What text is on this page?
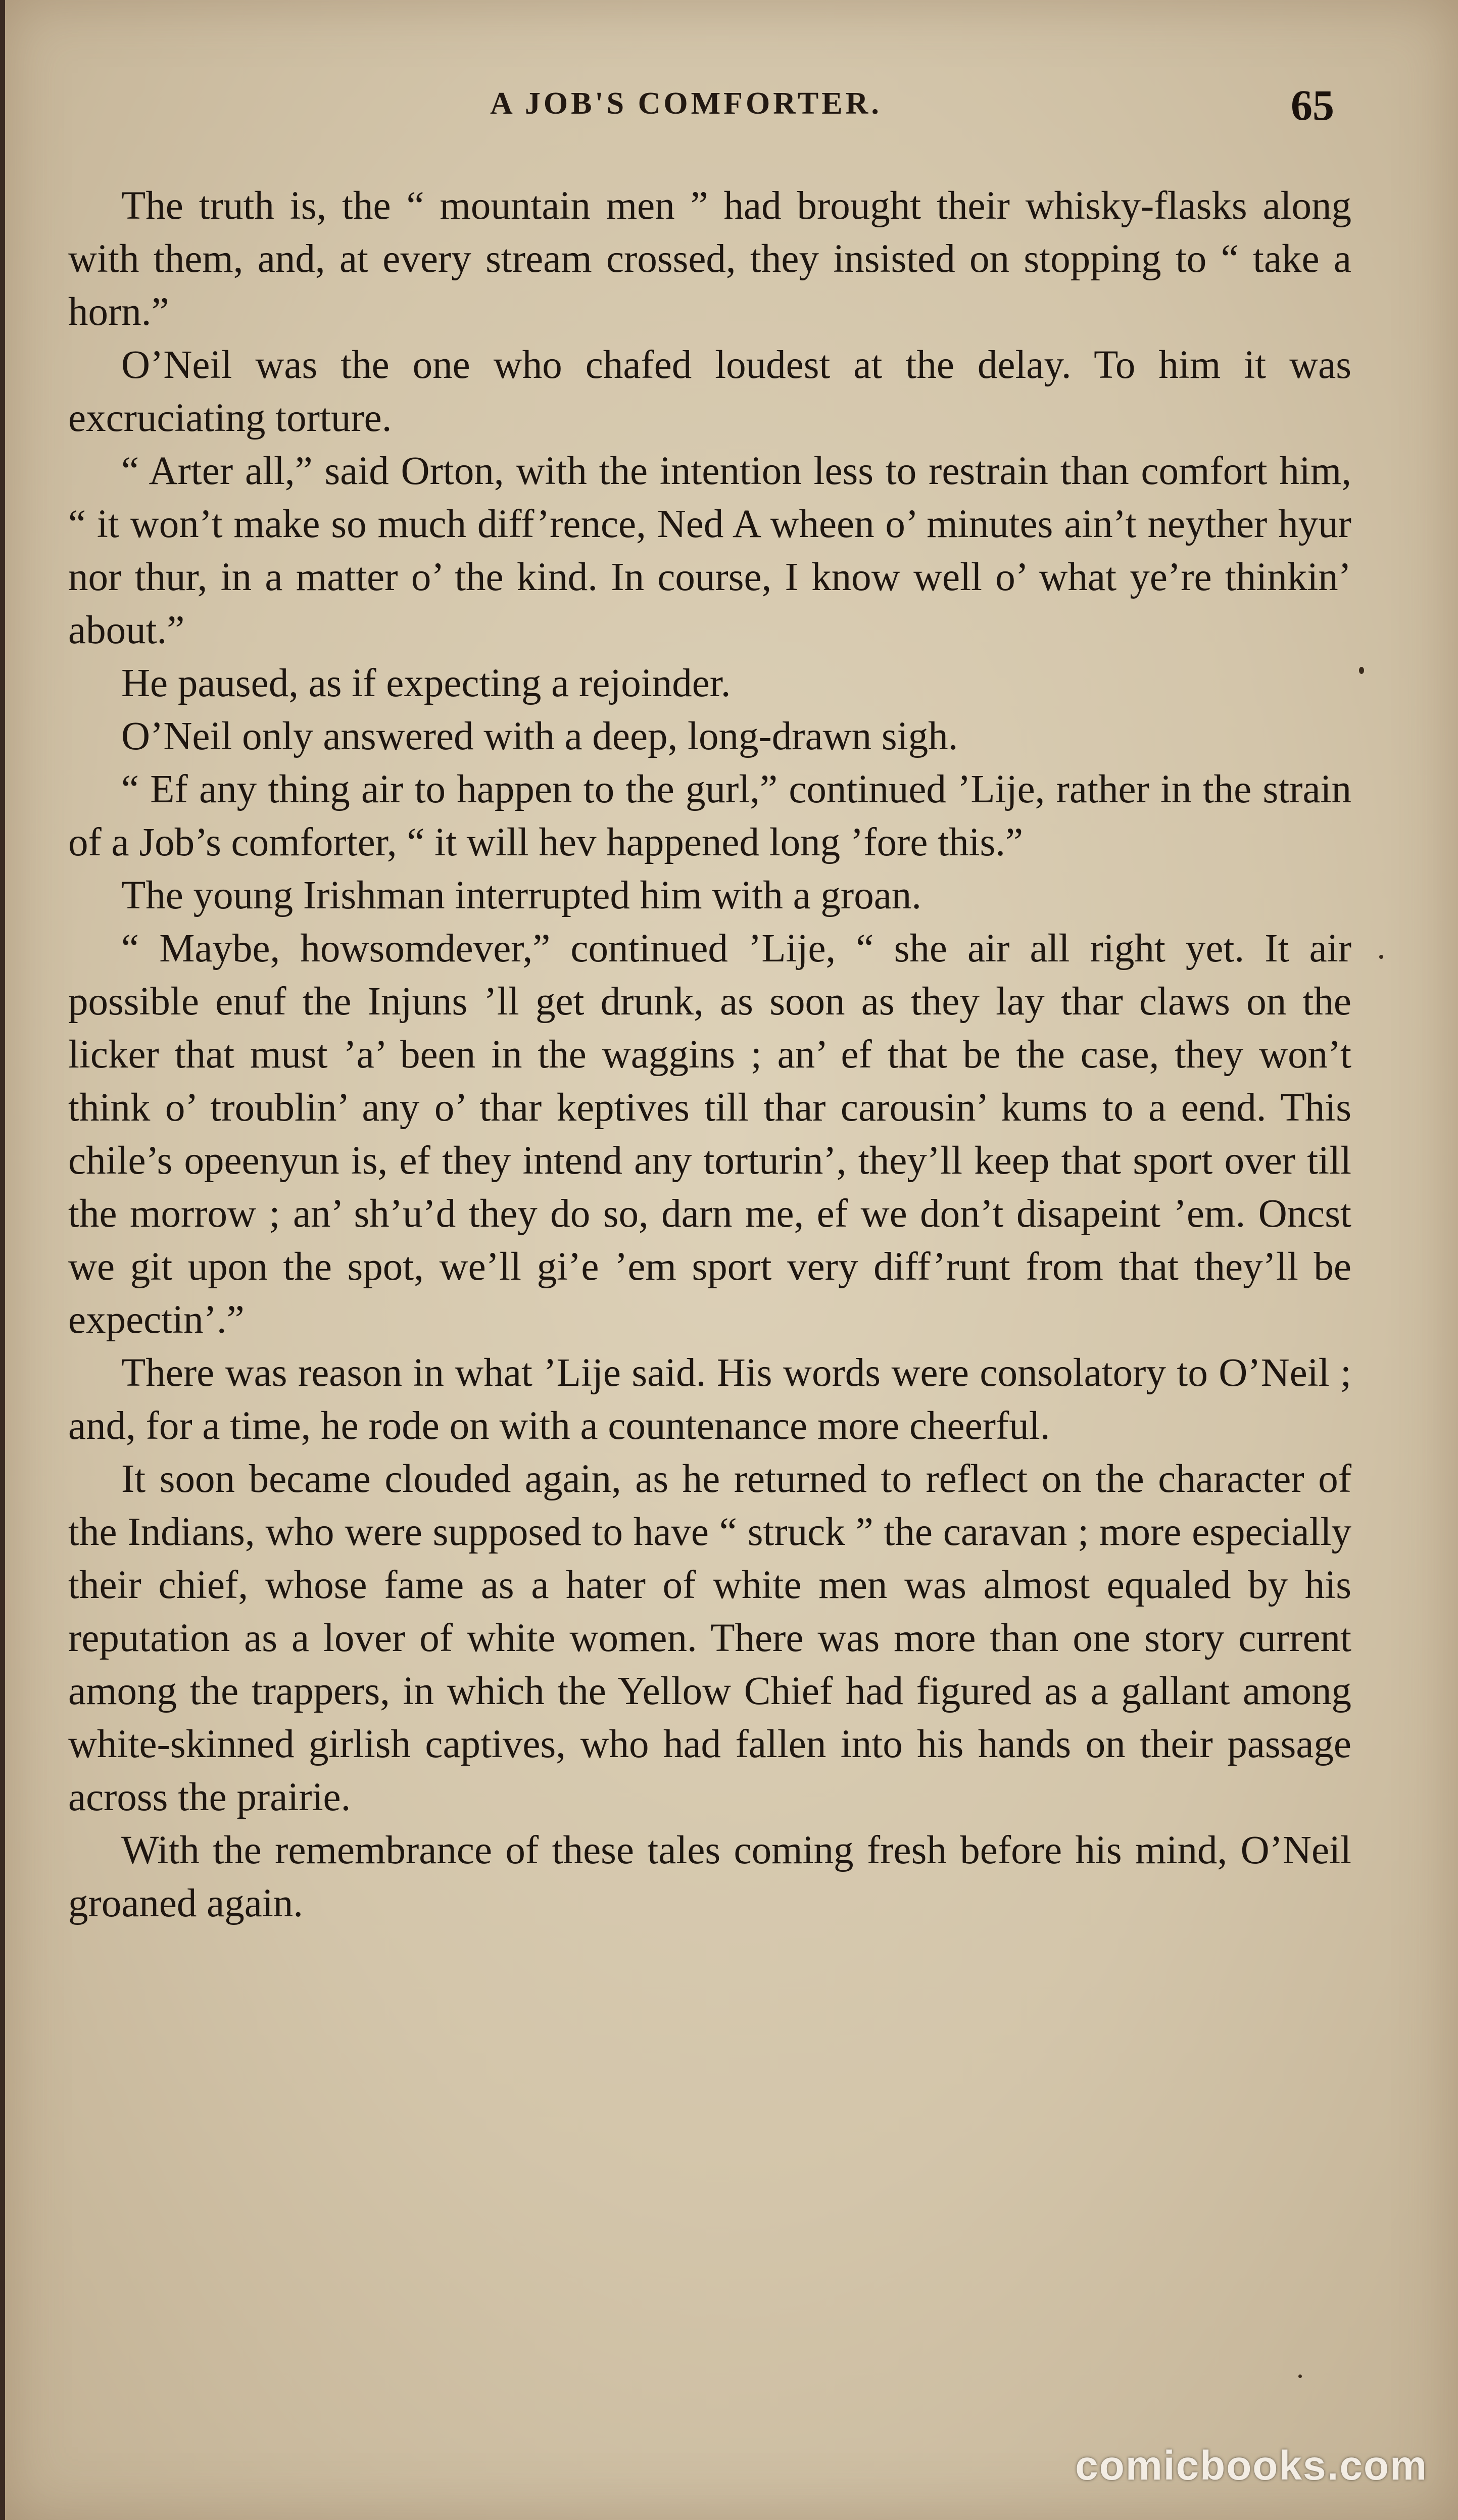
A JOB'S COMFORTER.	65

The truth is, the “ mountain men ” had brought their whisky-flasks along with them, and, at every stream crossed, they insisted on stopping to “ take a horn.”

O’Neil was the one who chafed loudest at the delay. To him it was excruciating torture.

“ Arter all,” said Orton, with the intention less to restrain than comfort him, “ it won’t make so much diff’rence, Ned A wheen o’ minutes ain’t neyther hyur nor thur, in a matter o’ the kind. In course, I know well o’ what ye’re thinkin’ about.”

He paused, as if expecting a rejoinder.

O’Neil only answered with a deep, long-drawn sigh.

“ Ef any thing air to happen to the gurl,” continued ’Lije, rather in the strain of a Job’s comforter, “ it will hev happened long ’fore this.”

The young Irishman interrupted him with a groan.

“ Maybe, howsomdever,” continued ’Lije, “ she air all right yet. It air possible enuf the Injuns ’ll get drunk, as soon as they lay thar claws on the licker that must ’a’ been in the waggins ; an’ ef that be the case, they won’t think o’ troublin’ any o’ thar keptives till thar carousin’ kums to a eend. This chile’s opeenyun is, ef they intend any torturin’, they’ll keep that sport over till the morrow ; an’ sh’u’d they do so, darn me, ef we don’t disapeint ’em. Oncst we git upon the spot, we’ll gi’e ’em sport very diff’runt from that they’ll be expectin’.”

There was reason in what ’Lije said. His words were consolatory to O’Neil ; and, for a time, he rode on with a countenance more cheerful.

It soon became clouded again, as he returned to reflect on the character of the Indians, who were supposed to have “ struck ” the caravan ; more especially their chief, whose fame as a hater of white men was almost equaled by his reputation as a lover of white women. There was more than one story current among the trappers, in which the Yellow Chief had figured as a gallant among white-skinned girlish captives, who had fallen into his hands on their passage across the prairie.

With the remembrance of these tales coming fresh before his mind, O’Neil groaned again.

comicbooks.com
